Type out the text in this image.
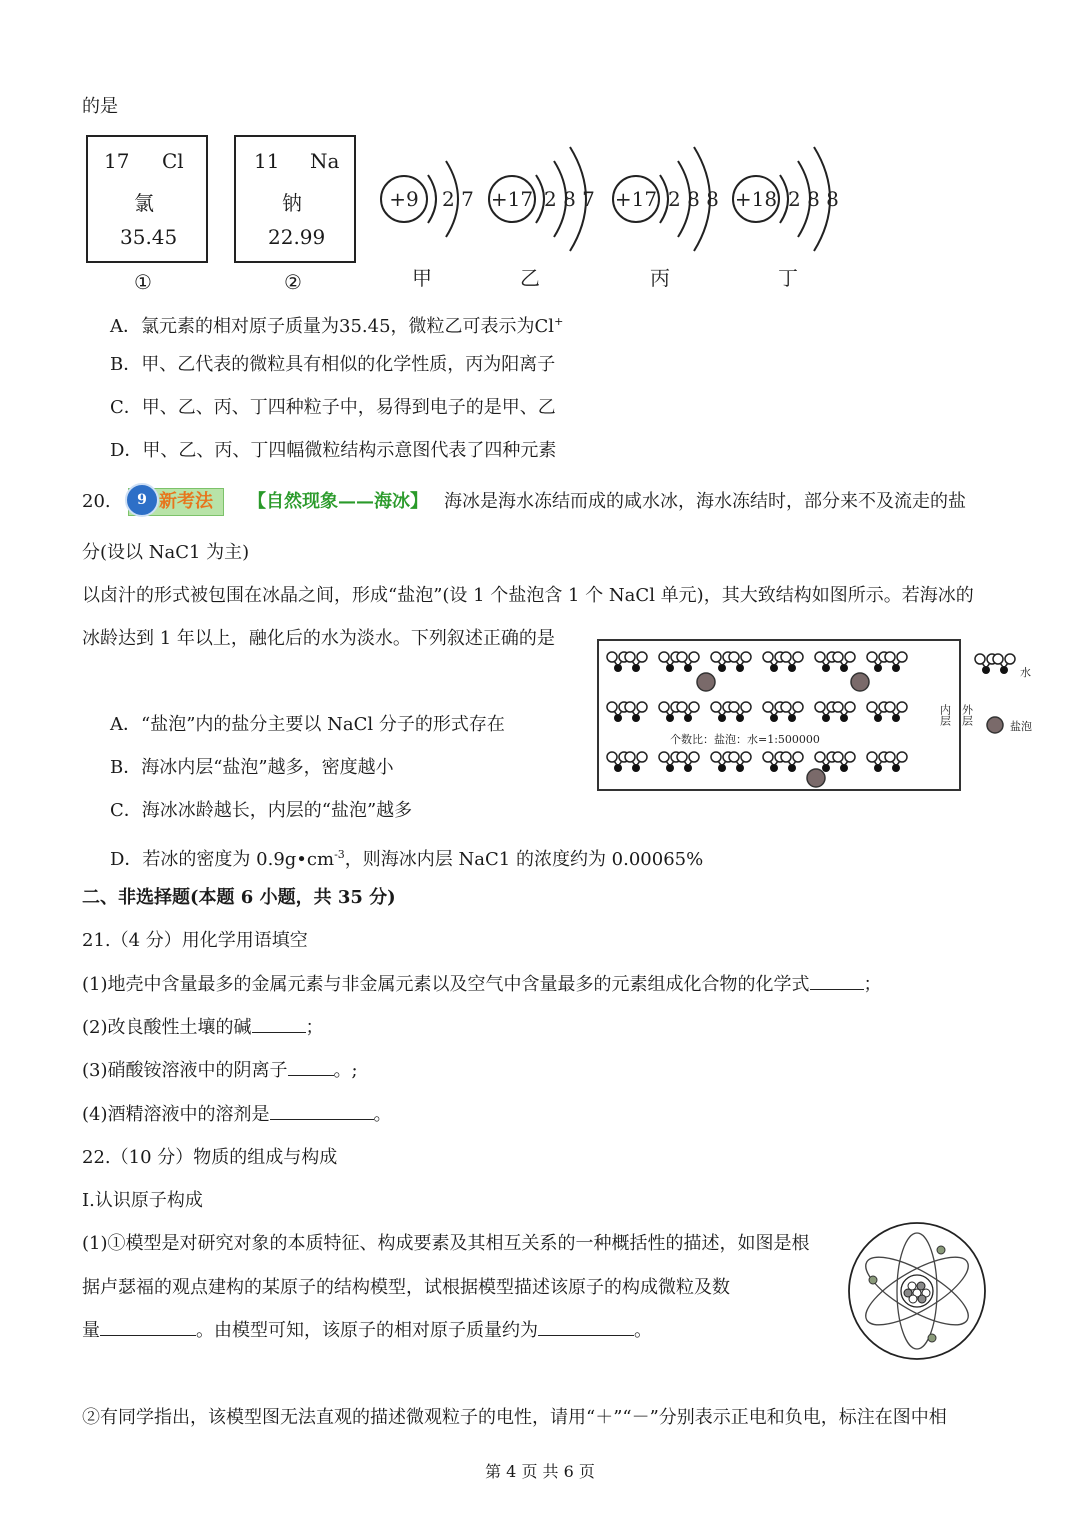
的是
17 Cl
氯
35.45
①
11 Na
钠
22.99
②
+9 2 7
甲
+17 2 8 7
乙
+17 2 8 8
丙
+18 2 8 8
丁
A．氯元素的相对原子质量为35.45，微粒乙可表示为Cl+
B．甲、乙代表的微粒具有相似的化学性质，丙为阳离子
C．甲、乙、丙、丁四种粒子中，易得到电子的是甲、乙
D．甲、乙、丙、丁四幅微粒结构示意图代表了四种元素
20.	9 新考法	【自然现象——海冰】 海冰是海水冻结而成的咸水冰，海水冻结时，部分来不及流走的盐
分(设以 NaC1 为主)
以卤汁的形式被包围在冰晶之间，形成“盐泡”(设 1 个盐泡含 1 个 NaCl 单元)，其大致结构如图所示。若海冰的
冰龄达到 1 年以上，融化后的水为淡水。下列叙述正确的是
个数比：盐泡：水=1:500000
内层 外层
水
盐泡
A．“盐泡”内的盐分主要以 NaCl 分子的形式存在
B．海冰内层“盐泡”越多，密度越小
C．海冰冰龄越长，内层的“盐泡”越多
D．若冰的密度为 $0.9g•cm^{-3}$，则海冰内层 NaC1 的浓度约为 0.00065%
二、非选择题(本题 6 小题，共 35 分)
21.（4 分）用化学用语填空
(1)地壳中含量最多的金属元素与非金属元素以及空气中含量最多的元素组成化合物的化学式	；
(2)改良酸性土壤的碱	；
(3)硝酸铵溶液中的阴离子	。;
(4)酒精溶液中的溶剂是	。
22.（10 分）物质的组成与构成
I.认识原子构成
(1)①模型是对研究对象的本质特征、构成要素及其相互关系的一种概括性的描述，如图是根
据卢瑟福的观点建构的某原子的结构模型，试根据模型描述该原子的构成微粒及数
量	。由模型可知，该原子的相对原子质量约为	。
②有同学指出，该模型图无法直观的描述微观粒子的电性，请用“＋”“－”分别表示正电和负电，标注在图中相
第 4 页 共 6 页
